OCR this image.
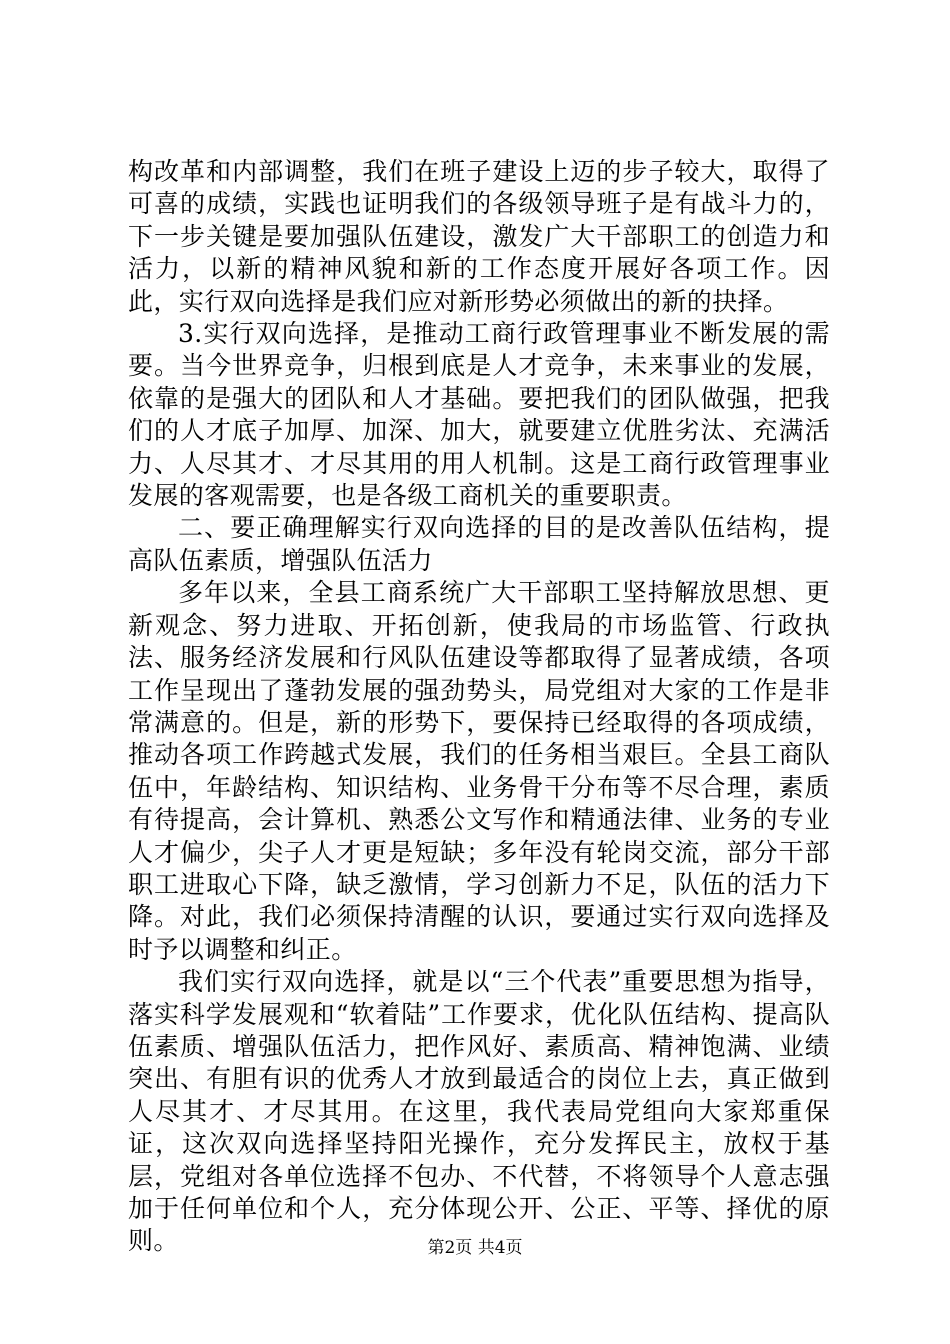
构改革和内部调整，我们在班子建设上迈的步子较大，取得了可喜的成绩，实践也证明我们的各级领导班子是有战斗力的，下一步关键是要加强队伍建设，激发广大干部职工的创造力和活力，以新的精神风貌和新的工作态度开展好各项工作。因此，实行双向选择是我们应对新形势必须做出的新的抉择。

3.实行双向选择，是推动工商行政管理事业不断发展的需要。当今世界竞争，归根到底是人才竞争，未来事业的发展，依靠的是强大的团队和人才基础。要把我们的团队做强，把我们的人才底子加厚、加深、加大，就要建立优胜劣汰、充满活力、人尽其才、才尽其用的用人机制。这是工商行政管理事业发展的客观需要，也是各级工商机关的重要职责。

二、要正确理解实行双向选择的目的是改善队伍结构，提高队伍素质，增强队伍活力

多年以来，全县工商系统广大干部职工坚持解放思想、更新观念、努力进取、开拓创新，使我局的市场监管、行政执法、服务经济发展和行风队伍建设等都取得了显著成绩，各项工作呈现出了蓬勃发展的强劲势头，局党组对大家的工作是非常满意的。但是，新的形势下，要保持已经取得的各项成绩，推动各项工作跨越式发展，我们的任务相当艰巨。全县工商队伍中，年龄结构、知识结构、业务骨干分布等不尽合理，素质有待提高，会计算机、熟悉公文写作和精通法律、业务的专业人才偏少，尖子人才更是短缺；多年没有轮岗交流，部分干部职工进取心下降，缺乏激情，学习创新力不足，队伍的活力下降。对此，我们必须保持清醒的认识，要通过实行双向选择及时予以调整和纠正。

我们实行双向选择，就是以“三个代表”重要思想为指导，落实科学发展观和“软着陆”工作要求，优化队伍结构、提高队伍素质、增强队伍活力，把作风好、素质高、精神饱满、业绩突出、有胆有识的优秀人才放到最适合的岗位上去，真正做到人尽其才、才尽其用。在这里，我代表局党组向大家郑重保证，这次双向选择坚持阳光操作，充分发挥民主，放权于基层，党组对各单位选择不包办、不代替，不将领导个人意志强加于任何单位和个人，充分体现公开、公正、平等、择优的原则。	第2页 共4页
